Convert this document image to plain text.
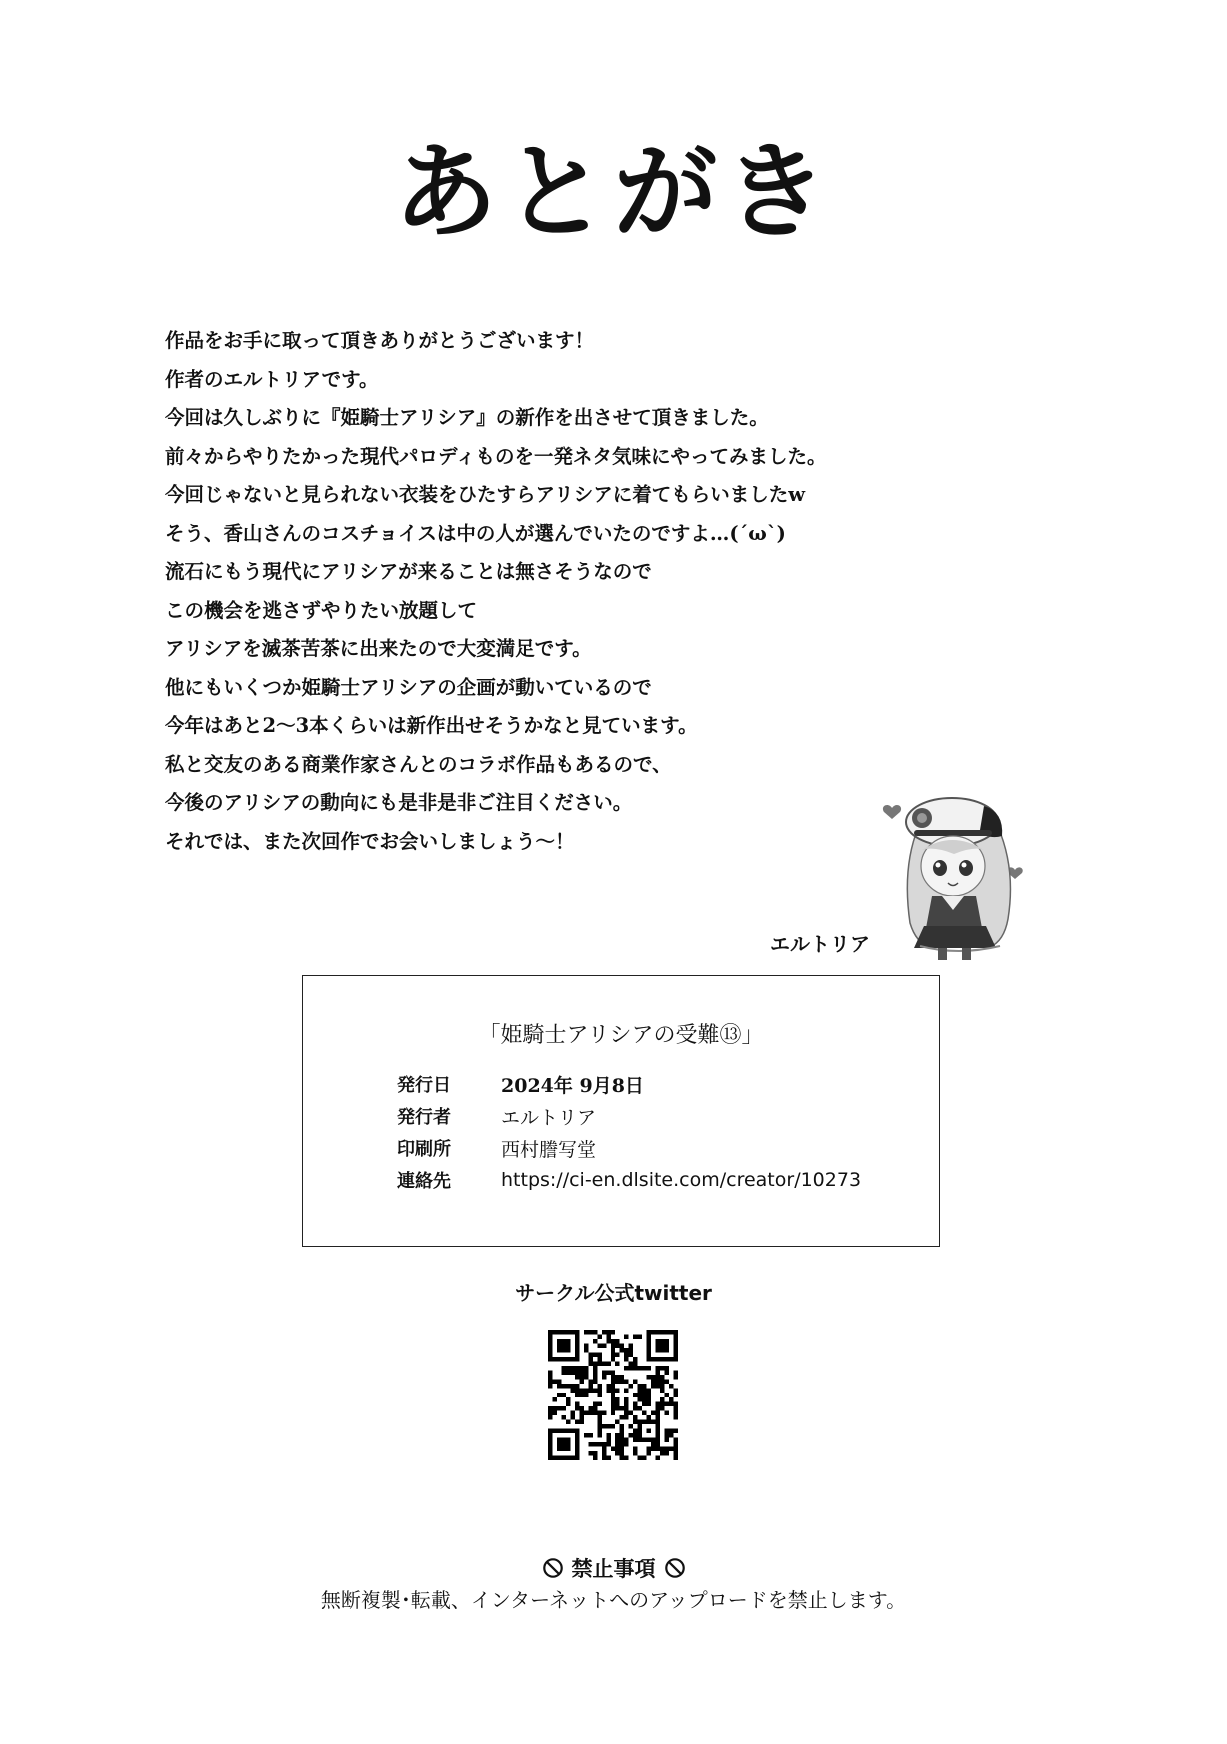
あとがき
作品をお手に取って頂きありがとうございます！
作者のエルトリアです。
今回は久しぶりに『姫騎士アリシア』の新作を出させて頂きました。
前々からやりたかった現代パロディものを一発ネタ気味にやってみました。
今回じゃないと見られない衣装をひたすらアリシアに着てもらいましたw
そう、香山さんのコスチョイスは中の人が選んでいたのですよ…(´ω`)
流石にもう現代にアリシアが来ることは無さそうなので
この機会を逃さずやりたい放題して
アリシアを滅茶苦茶に出来たので大変満足です。
他にもいくつか姫騎士アリシアの企画が動いているので
今年はあと2～3本くらいは新作出せそうかなと見ています。
私と交友のある商業作家さんとのコラボ作品もあるので、
今後のアリシアの動向にも是非是非ご注目ください。
それでは、また次回作でお会いしましょう～！
エルトリア
「姫騎士アリシアの受難⑬」
発行日	2024年 9月8日
発行者	エルトリア
印刷所	西村謄写堂
連絡先	https://ci-en.dlsite.com/creator/10273
サークル公式twitter
禁止事項
無断複製･転載、インターネットへのアップロードを禁止します。
